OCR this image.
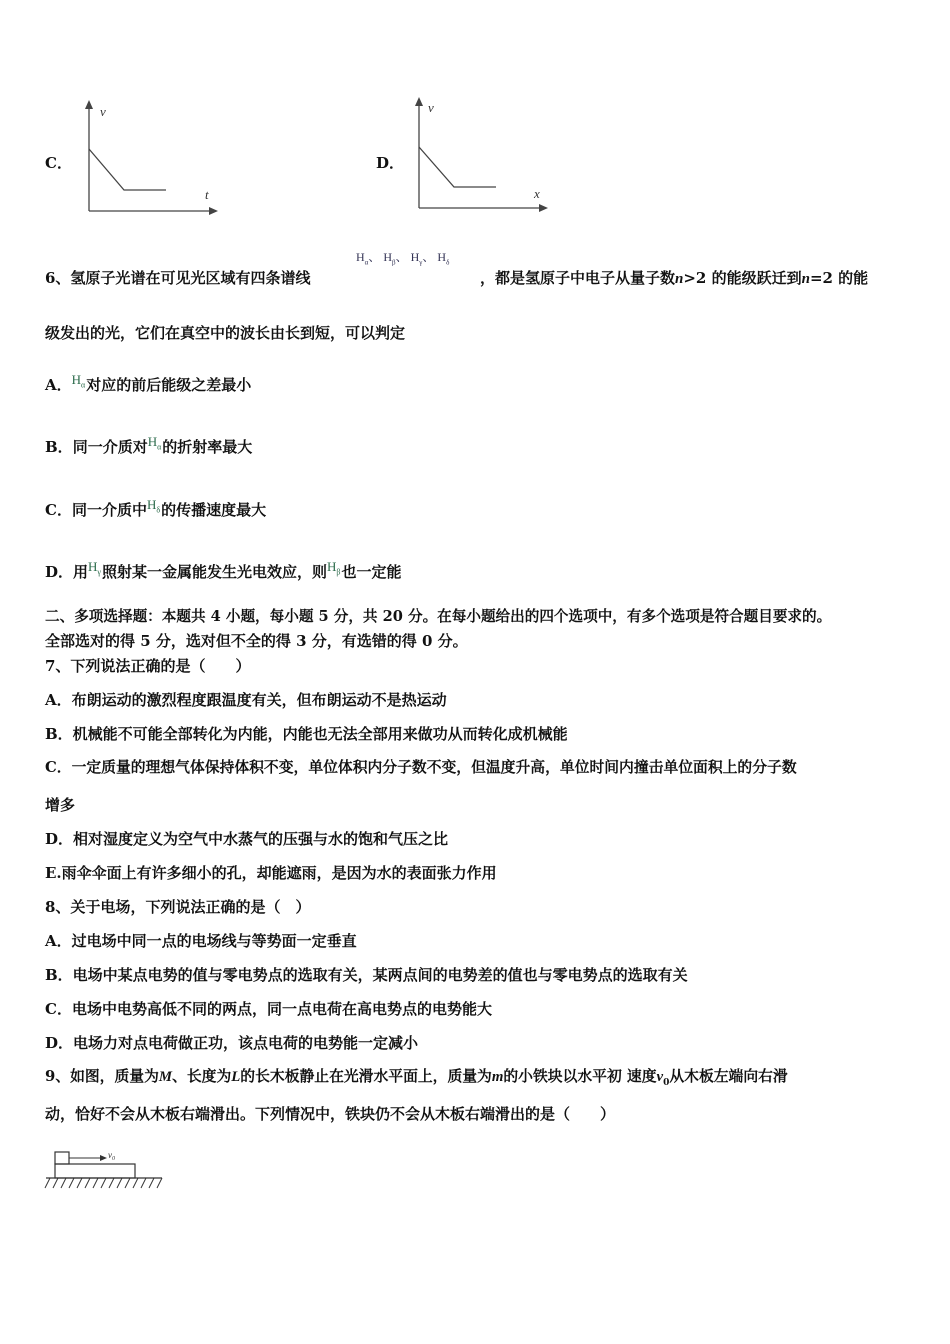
C．
v
t
D．
v
x
$H_\alpha$、 $H_\beta$、 $H_\gamma$、 $H_\delta$
6、氢原子光谱在可见光区域有四条谱线	，都是氢原子中电子从量子数n>2 的能级跃迁到n=2 的能
级发出的光，它们在真空中的波长由长到短，可以判定
A．$H_\alpha$对应的前后能级之差最小
B．同一介质对$H_\alpha$的折射率最大
C．同一介质中$H_\delta$的传播速度最大
D．用$H_\gamma$照射某一金属能发生光电效应，则$H_\beta$也一定能
二、多项选择题：本题共 4 小题，每小题 5 分，共 20 分。在每小题给出的四个选项中，有多个选项是符合题目要求的。
全部选对的得 5 分，选对但不全的得 3 分，有选错的得 0 分。
7、下列说法正确的是（　　）
A．布朗运动的激烈程度跟温度有关，但布朗运动不是热运动
B．机械能不可能全部转化为内能，内能也无法全部用来做功从而转化成机械能
C．一定质量的理想气体保持体积不变，单位体积内分子数不变，但温度升高，单位时间内撞击单位面积上的分子数
增多
D．相对湿度定义为空气中水蒸气的压强与水的饱和气压之比
E.雨伞伞面上有许多细小的孔，却能遮雨，是因为水的表面张力作用
8、关于电场，下列说法正确的是（　）
A．过电场中同一点的电场线与等势面一定垂直
B．电场中某点电势的值与零电势点的选取有关，某两点间的电势差的值也与零电势点的选取有关
C．电场中电势高低不同的两点，同一点电荷在高电势点的电势能大
D．电场力对点电荷做正功，该点电荷的电势能一定减小
9、如图，质量为M、长度为L的长木板静止在光滑水平面上，质量为m的小铁块以水平初 速度$v_0$从木板左端向右滑
动，恰好不会从木板右端滑出。下列情况中，铁块仍不会从木板右端滑出的是（　　）
$v_0$
